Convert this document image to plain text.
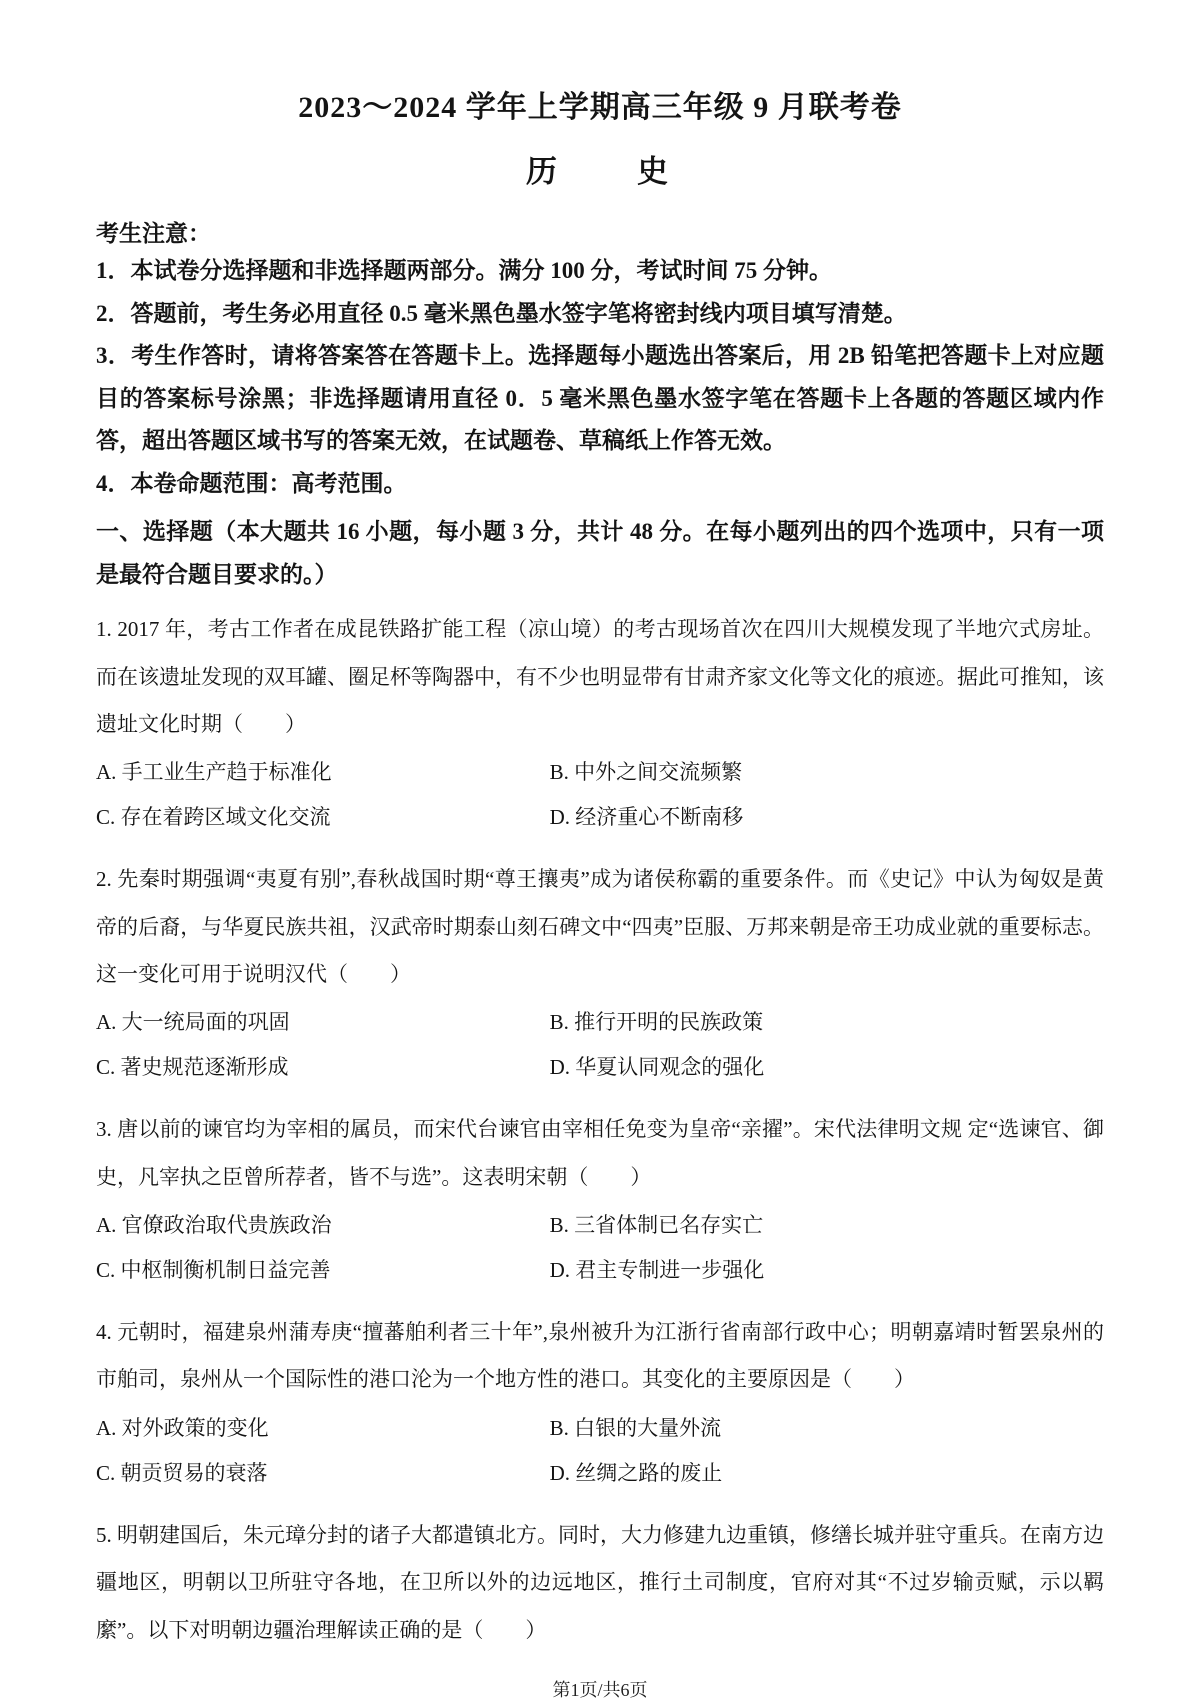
2023～2024 学年上学期高三年级 9 月联考卷
历　　史

考生注意：

1．本试卷分选择题和非选择题两部分。满分 100 分，考试时间 75 分钟。

2．答题前，考生务必用直径 0.5 毫米黑色墨水签字笔将密封线内项目填写清楚。

3．考生作答时，请将答案答在答题卡上。选择题每小题选出答案后，用 2B 铅笔把答题卡上对应题目的答案标号涂黑；非选择题请用直径 0．5 毫米黑色墨水签字笔在答题卡上各题的答题区域内作答，超出答题区域书写的答案无效，在试题卷、草稿纸上作答无效。

4．本卷命题范围：高考范围。

一、选择题（本大题共 16 小题，每小题 3 分，共计 48 分。在每小题列出的四个选项中，只有一项是最符合题目要求的。）

1. 2017 年，考古工作者在成昆铁路扩能工程（凉山境）的考古现场首次在四川大规模发现了半地穴式房址。而在该遗址发现的双耳罐、圈足杯等陶器中，有不少也明显带有甘肃齐家文化等文化的痕迹。据此可推知，该遗址文化时期（　　）

A. 手工业生产趋于标准化	B. 中外之间交流频繁
C. 存在着跨区域文化交流	D. 经济重心不断南移

2. 先秦时期强调“夷夏有别”,春秋战国时期“尊王攘夷”成为诸侯称霸的重要条件。而《史记》中认为匈奴是黄帝的后裔，与华夏民族共祖，汉武帝时期泰山刻石碑文中“四夷”臣服、万邦来朝是帝王功成业就的重要标志。这一变化可用于说明汉代（　　）

A. 大一统局面的巩固	B. 推行开明的民族政策
C. 著史规范逐渐形成	D. 华夏认同观念的强化

3. 唐以前的谏官均为宰相的属员，而宋代台谏官由宰相任免变为皇帝“亲擢”。宋代法律明文规 定“选谏官、御史，凡宰执之臣曾所荐者，皆不与选”。这表明宋朝（　　）

A. 官僚政治取代贵族政治	B. 三省体制已名存实亡
C. 中枢制衡机制日益完善	D. 君主专制进一步强化

4. 元朝时，福建泉州蒲寿庚“擅蕃舶利者三十年”,泉州被升为江浙行省南部行政中心；明朝嘉靖时暂罢泉州的市舶司，泉州从一个国际性的港口沦为一个地方性的港口。其变化的主要原因是（　　）

A. 对外政策的变化	B. 白银的大量外流
C. 朝贡贸易的衰落	D. 丝绸之路的废止

5. 明朝建国后，朱元璋分封的诸子大都遣镇北方。同时，大力修建九边重镇，修缮长城并驻守重兵。在南方边疆地区，明朝以卫所驻守各地，在卫所以外的边远地区，推行土司制度，官府对其“不过岁输贡赋，示以羁縻”。以下对明朝边疆治理解读正确的是（　　）

第1页/共6页
